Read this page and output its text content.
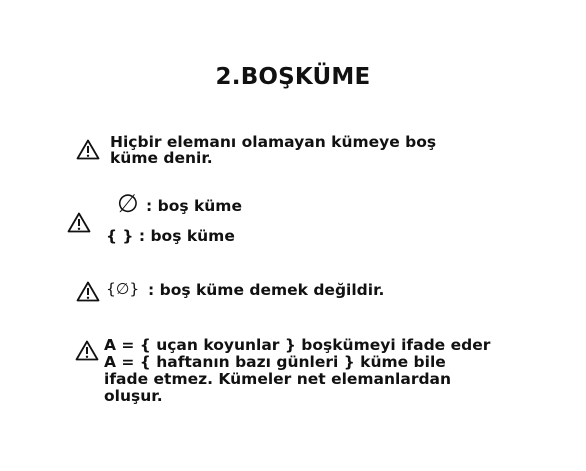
2.BOŞKÜME
Hiçbir elemanı olamayan kümeye boş
küme denir.
∅ : boş küme
{ } : boş küme
{∅} : boş küme demek değildir.
A = { uçan koyunlar } boşkümeyi ifade eder
A = { haftanın bazı günleri } küme bile
ifade etmez. Kümeler net elemanlardan
oluşur.
